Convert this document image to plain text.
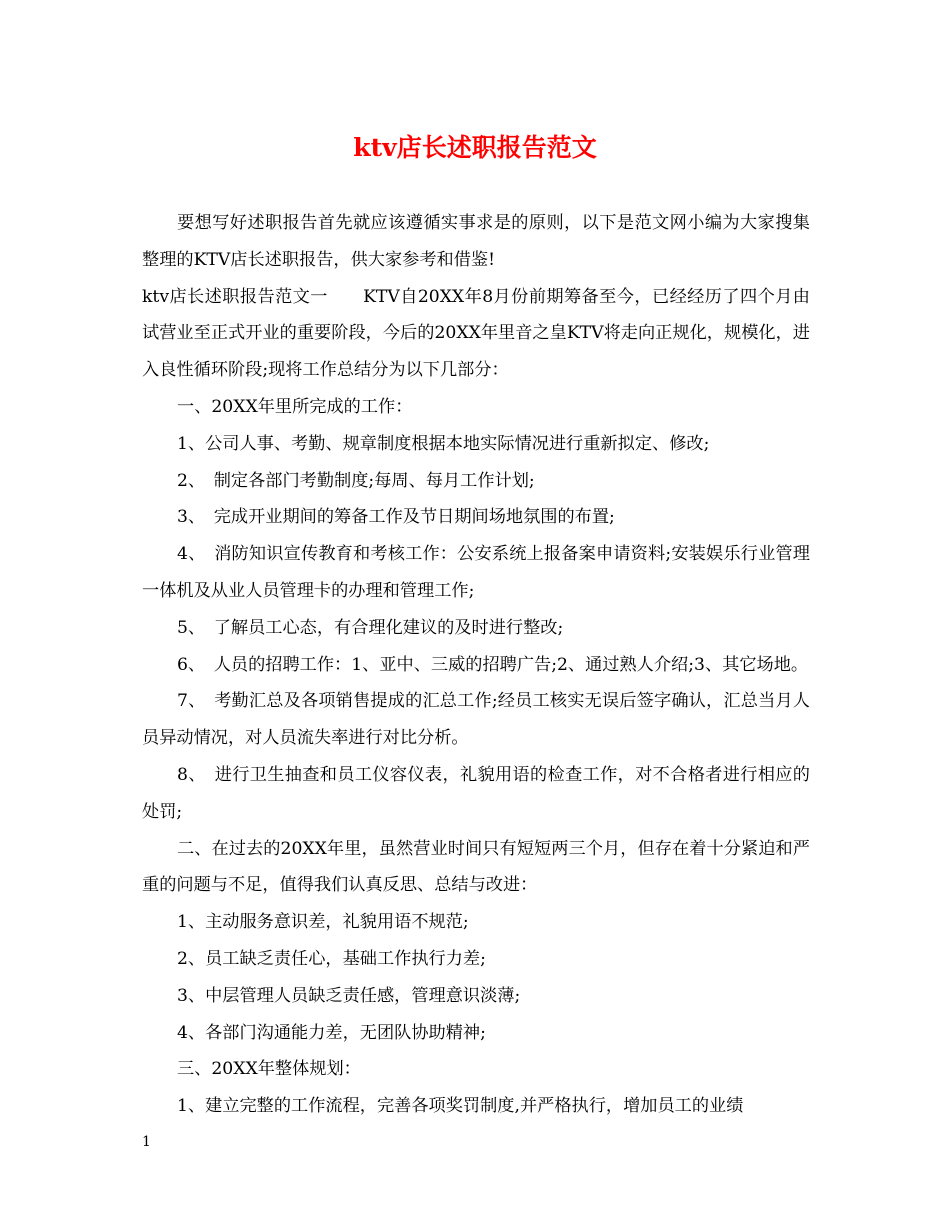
ktv店长述职报告范文

要想写好述职报告首先就应该遵循实事求是的原则，以下是范文网小编为大家搜集整理的KTV店长述职报告，供大家参考和借鉴!

ktv店长述职报告范文一　　KTV自20XX年8月份前期筹备至今，已经经历了四个月由试营业至正式开业的重要阶段，今后的20XX年里音之皇KTV将走向正规化，规模化，进入良性循环阶段;现将工作总结分为以下几部分：

一、20XX年里所完成的工作：

1、公司人事、考勤、规章制度根据本地实际情况进行重新拟定、修改;

2、　制定各部门考勤制度;每周、每月工作计划;

3、　完成开业期间的筹备工作及节日期间场地氛围的布置;

4、　消防知识宣传教育和考核工作：公安系统上报备案申请资料;安装娱乐行业管理一体机及从业人员管理卡的办理和管理工作;

5、　了解员工心态，有合理化建议的及时进行整改;

6、　人员的招聘工作：1、亚中、三威的招聘广告;2、通过熟人介绍;3、其它场地。

7、　考勤汇总及各项销售提成的汇总工作;经员工核实无误后签字确认，汇总当月人员异动情况，对人员流失率进行对比分析。

8、　进行卫生抽查和员工仪容仪表，礼貌用语的检查工作，对不合格者进行相应的处罚;

二、在过去的20XX年里，虽然营业时间只有短短两三个月，但存在着十分紧迫和严重的问题与不足，值得我们认真反思、总结与改进：

1、主动服务意识差，礼貌用语不规范;

2、员工缺乏责任心，基础工作执行力差;

3、中层管理人员缺乏责任感，管理意识淡薄;

4、各部门沟通能力差，无团队协助精神;

三、20XX年整体规划：

1、建立完整的工作流程，完善各项奖罚制度,并严格执行，增加员工的业绩

1
